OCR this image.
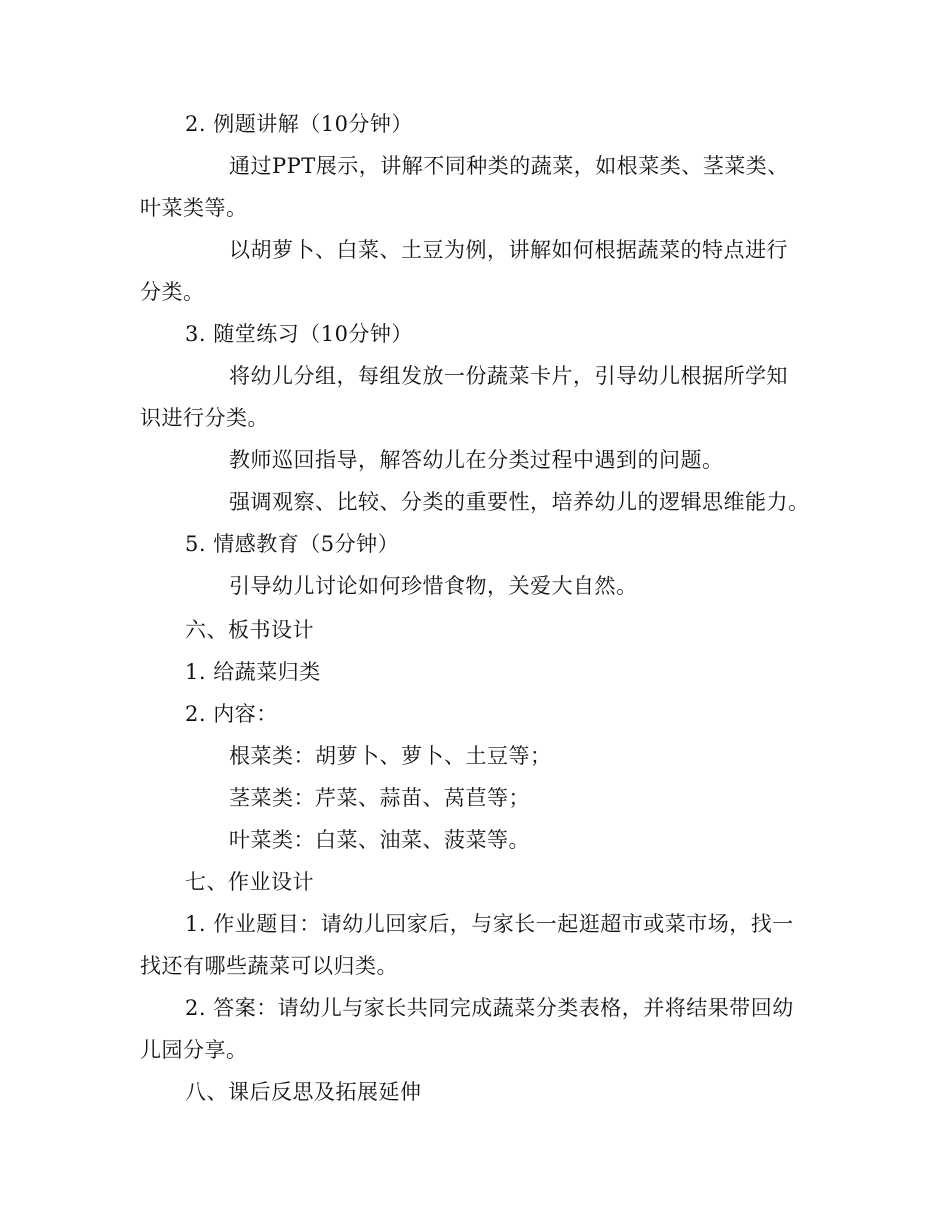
2. 例题讲解（10分钟）
通过PPT展示，讲解不同种类的蔬菜，如根菜类、茎菜类、
叶菜类等。
以胡萝卜、白菜、土豆为例，讲解如何根据蔬菜的特点进行
分类。
3. 随堂练习（10分钟）
将幼儿分组，每组发放一份蔬菜卡片，引导幼儿根据所学知
识进行分类。
教师巡回指导，解答幼儿在分类过程中遇到的问题。
强调观察、比较、分类的重要性，培养幼儿的逻辑思维能力。
5. 情感教育（5分钟）
引导幼儿讨论如何珍惜食物，关爱大自然。
六、板书设计
1. 给蔬菜归类
2. 内容：
根菜类：胡萝卜、萝卜、土豆等；
茎菜类：芹菜、蒜苗、莴苣等；
叶菜类：白菜、油菜、菠菜等。
七、作业设计
1. 作业题目：请幼儿回家后，与家长一起逛超市或菜市场，找一
找还有哪些蔬菜可以归类。
2. 答案：请幼儿与家长共同完成蔬菜分类表格，并将结果带回幼
儿园分享。
八、课后反思及拓展延伸
